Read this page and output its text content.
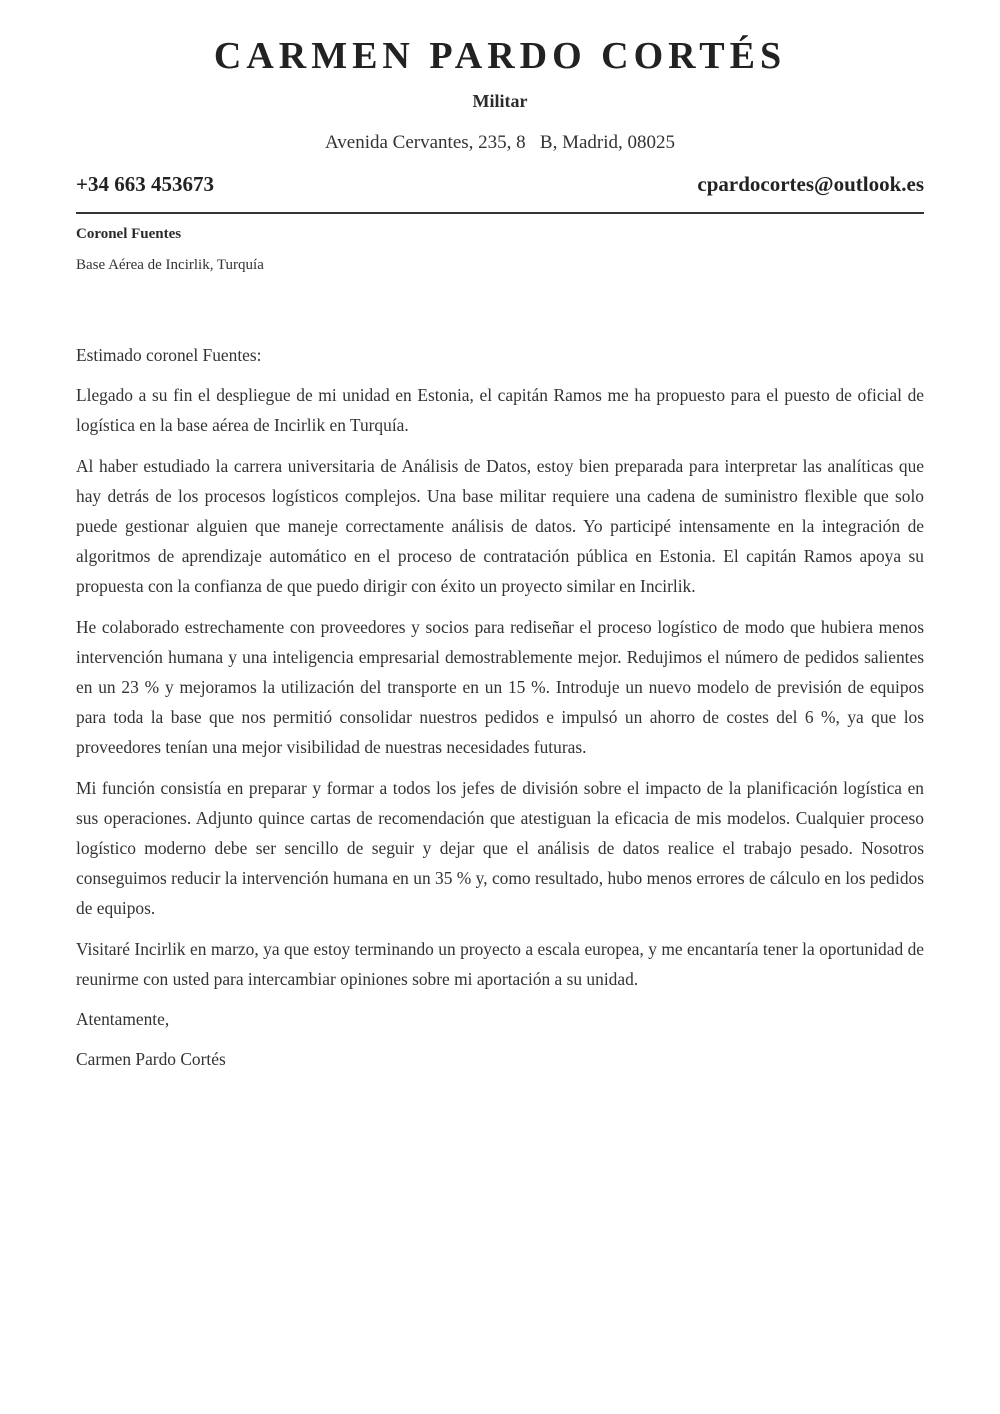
CARMEN PARDO CORTÉS
Militar
Avenida Cervantes, 235, 8   B, Madrid, 08025
+34 663 453673	cpardocortes@outlook.es
Coronel Fuentes
Base Aérea de Incirlik, Turquía

Estimado coronel Fuentes:

Llegado a su fin el despliegue de mi unidad en Estonia, el capitán Ramos me ha propuesto para el puesto de oficial de logística en la base aérea de Incirlik en Turquía.

Al haber estudiado la carrera universitaria de Análisis de Datos, estoy bien preparada para interpretar las analíticas que hay detrás de los procesos logísticos complejos. Una base militar requiere una cadena de suministro flexible que solo puede gestionar alguien que maneje correctamente análisis de datos. Yo participé intensamente en la integración de algoritmos de aprendizaje automático en el proceso de contratación pública en Estonia. El capitán Ramos apoya su propuesta con la confianza de que puedo dirigir con éxito un proyecto similar en Incirlik.

He colaborado estrechamente con proveedores y socios para rediseñar el proceso logístico de modo que hubiera menos intervención humana y una inteligencia empresarial demostrablemente mejor. Redujimos el número de pedidos salientes en un 23 % y mejoramos la utilización del transporte en un 15 %. Introduje un nuevo modelo de previsión de equipos para toda la base que nos permitió consolidar nuestros pedidos e impulsó un ahorro de costes del 6 %, ya que los proveedores tenían una mejor visibilidad de nuestras necesidades futuras.

Mi función consistía en preparar y formar a todos los jefes de división sobre el impacto de la planificación logística en sus operaciones. Adjunto quince cartas de recomendación que atestiguan la eficacia de mis modelos. Cualquier proceso logístico moderno debe ser sencillo de seguir y dejar que el análisis de datos realice el trabajo pesado. Nosotros conseguimos reducir la intervención humana en un 35 % y, como resultado, hubo menos errores de cálculo en los pedidos de equipos.

Visitaré Incirlik en marzo, ya que estoy terminando un proyecto a escala europea, y me encantaría tener la oportunidad de reunirme con usted para intercambiar opiniones sobre mi aportación a su unidad.

Atentamente,

Carmen Pardo Cortés
